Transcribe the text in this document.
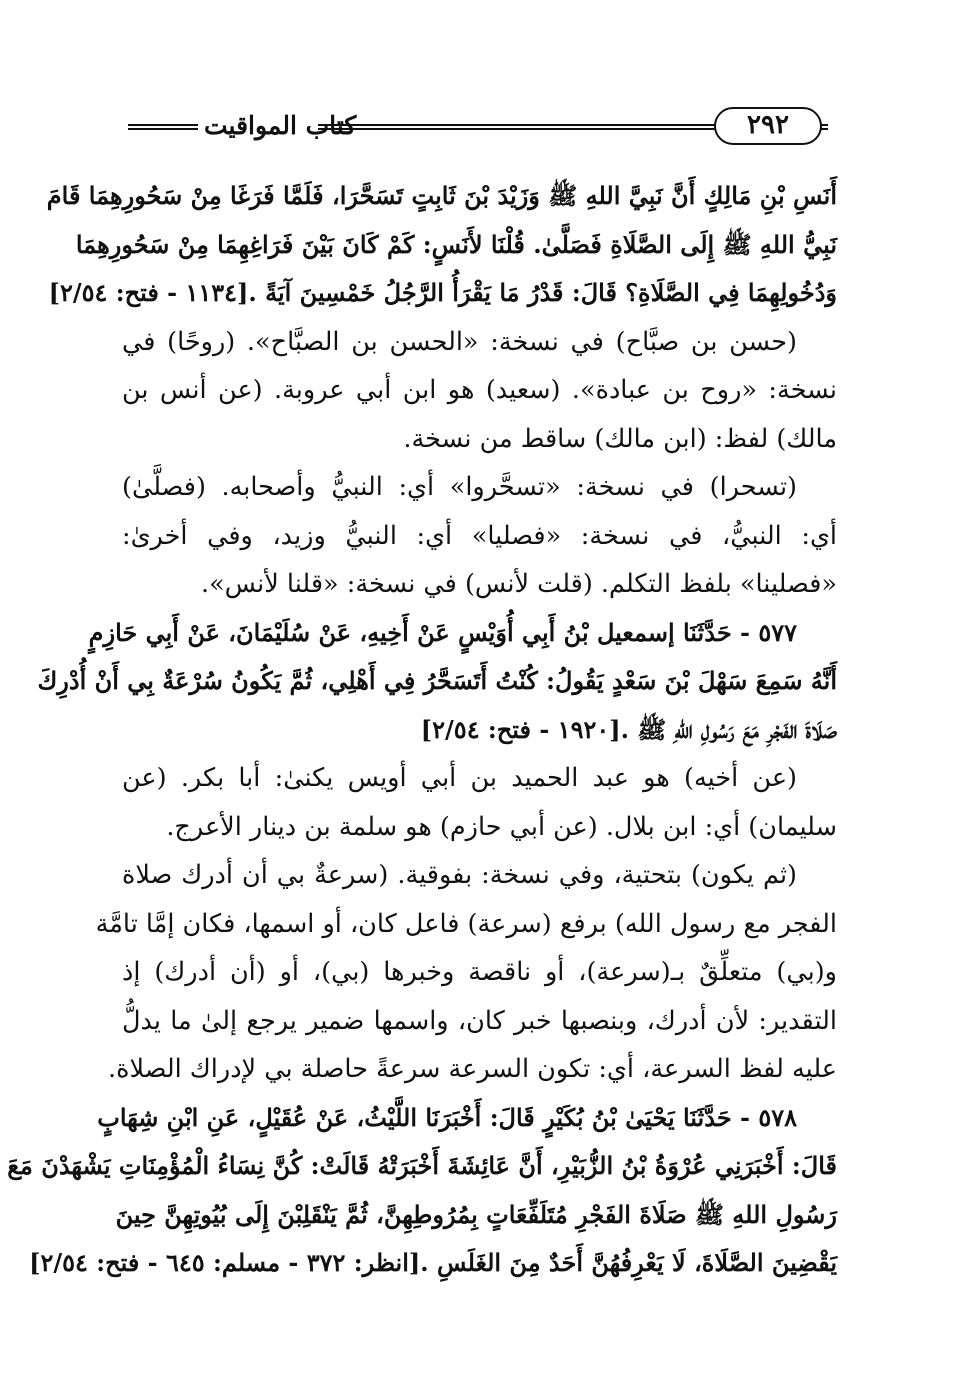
كتاب المواقيت	٢٩٢
أَنَسِ بْنِ مَالِكٍ أَنَّ نَبِيَّ اللهِ ﷺ وَزَيْدَ بْنَ ثَابِتٍ تَسَحَّرَا، فَلَمَّا فَرَغَا مِنْ سَحُورِهِمَا قَامَ
نَبِيُّ اللهِ ﷺ إِلَى الصَّلَاةِ فَصَلَّىٰ. قُلْنَا لأَنَسٍ: كَمْ كَانَ بَيْنَ فَرَاغِهِمَا مِنْ سَحُورِهِمَا
وَدُخُولِهِمَا فِي الصَّلَاةِ؟ قَالَ: قَدْرُ مَا يَقْرَأُ الرَّجُلُ خَمْسِينَ آيَةً .[١١٣٤ - فتح: ٢/٥٤]
(حسن بن صبَّاح) في نسخة: «الحسن بن الصبَّاح». (روحًا) في
نسخة: «روح بن عبادة». (سعيد) هو ابن أبي عروبة. (عن أنس بن
مالك) لفظ: (ابن مالك) ساقط من نسخة.
(تسحرا) في نسخة: «تسحَّروا» أي: النبيُّ وأصحابه. (فصلَّىٰ)
أي: النبيُّ، في نسخة: «فصليا» أي: النبيُّ وزيد، وفي أخرىٰ:
«فصلينا» بلفظ التكلم. (قلت لأنس) في نسخة: «قلنا لأنس».
٥٧٧ - حَدَّثَنَا إسمعيل بْنُ أَبِي أُوَيْسٍ عَنْ أَخِيهِ، عَنْ سُلَيْمَانَ، عَنْ أَبِي حَازِمٍ
أَنَّهُ سَمِعَ سَهْلَ بْنَ سَعْدٍ يَقُولُ: كُنْتُ أَتَسَحَّرُ فِي أَهْلِي، ثُمَّ يَكُونُ سُرْعَةٌ بِي أَنْ أُدْرِكَ
صَلَاةَ الفَجْرِ مَعَ رَسُولِ اللهِ ﷺ .[١٩٢٠ - فتح: ٢/٥٤]
(عن أخيه) هو عبد الحميد بن أبي أويس يكنىٰ: أبا بكر. (عن
سليمان) أي: ابن بلال. (عن أبي حازم) هو سلمة بن دينار الأعرج.
(ثم يكون) بتحتية، وفي نسخة: بفوقية. (سرعةٌ بي أن أدرك صلاة
الفجر مع رسول الله) برفع (سرعة) فاعل كان، أو اسمها، فكان إمَّا تامَّة
و(بي) متعلِّقٌ بـ(سرعة)، أو ناقصة وخبرها (بي)، أو (أن أدرك) إذ
التقدير: لأن أدرك، وبنصبها خبر كان، واسمها ضمير يرجع إلىٰ ما يدلُّ
عليه لفظ السرعة، أي: تكون السرعة سرعةً حاصلة بي لإدراك الصلاة.
٥٧٨ - حَدَّثَنَا يَحْيَىٰ بْنُ بُكَيْرٍ قَالَ: أَخْبَرَنَا اللَّيْثُ، عَنْ عُقَيْلٍ، عَنِ ابْنِ شِهَابٍ
قَالَ: أَخْبَرَنِي عُرْوَةُ بْنُ الزُّبَيْرِ، أَنَّ عَائِشَةَ أَخْبَرَتْهُ قَالَتْ: كُنَّ نِسَاءُ الْمُؤْمِنَاتِ يَشْهَدْنَ مَعَ
رَسُولِ اللهِ ﷺ صَلَاةَ الفَجْرِ مُتَلَفِّعَاتٍ بِمُرُوطِهِنَّ، ثُمَّ يَنْقَلِبْنَ إِلَى بُيُوتِهِنَّ حِينَ
يَقْضِينَ الصَّلَاةَ، لَا يَعْرِفُهُنَّ أَحَدٌ مِنَ الغَلَسِ .[انظر: ٣٧٢ - مسلم: ٦٤٥ - فتح: ٢/٥٤]
